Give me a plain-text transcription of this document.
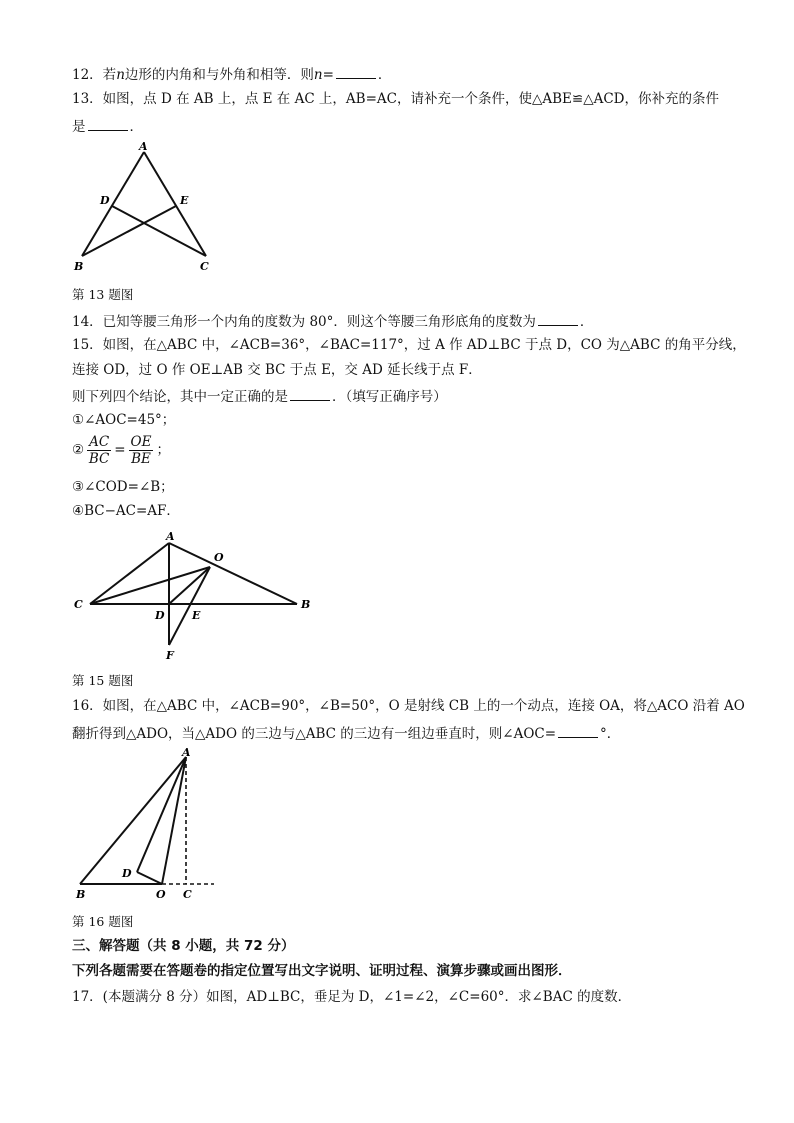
12．若n边形的内角和与外角和相等．则n=	．
13．如图，点 D 在 AB 上，点 E 在 AC 上，AB=AC，请补充一个条件，使△ABE≌△ACD，你补充的条件
是	．
A
D	E
B	C
第 13 题图
14．已知等腰三角形一个内角的度数为 80°．则这个等腰三角形底角的度数为	．
15．如图，在△ABC 中，∠ACB=36°，∠BAC=117°，过 A 作 AD⊥BC 于点 D，CO 为△ABC 的角平分线，
连接 OD，过 O 作 OE⊥AB 交 BC 于点 E，交 AD 延长线于点 F．
则下列四个结论，其中一定正确的是	．（填写正确序号）
①∠AOC=45°；
② $\frac{AC}{BC} = \frac{OE}{BE}$ ；
③∠COD=∠B；
④BC−AC=AF．
A
O
C	B
D E
F
第 15 题图
16．如图，在△ABC 中，∠ACB=90°，∠B=50°，O 是射线 CB 上的一个动点，连接 OA，将△ACO 沿着 AO
翻折得到△ADO，当△ADO 的三边与△ABC 的三边有一组边垂直时，则∠AOC=	°．
A
D
B	O C
第 16 题图
三、解答题（共 8 小题，共 72 分）
下列各题需要在答题卷的指定位置写出文字说明、证明过程、演算步骤或画出图形．
17．(本题满分 8 分）如图，AD⊥BC，垂足为 D，∠1=∠2，∠C=60°．求∠BAC 的度数．
